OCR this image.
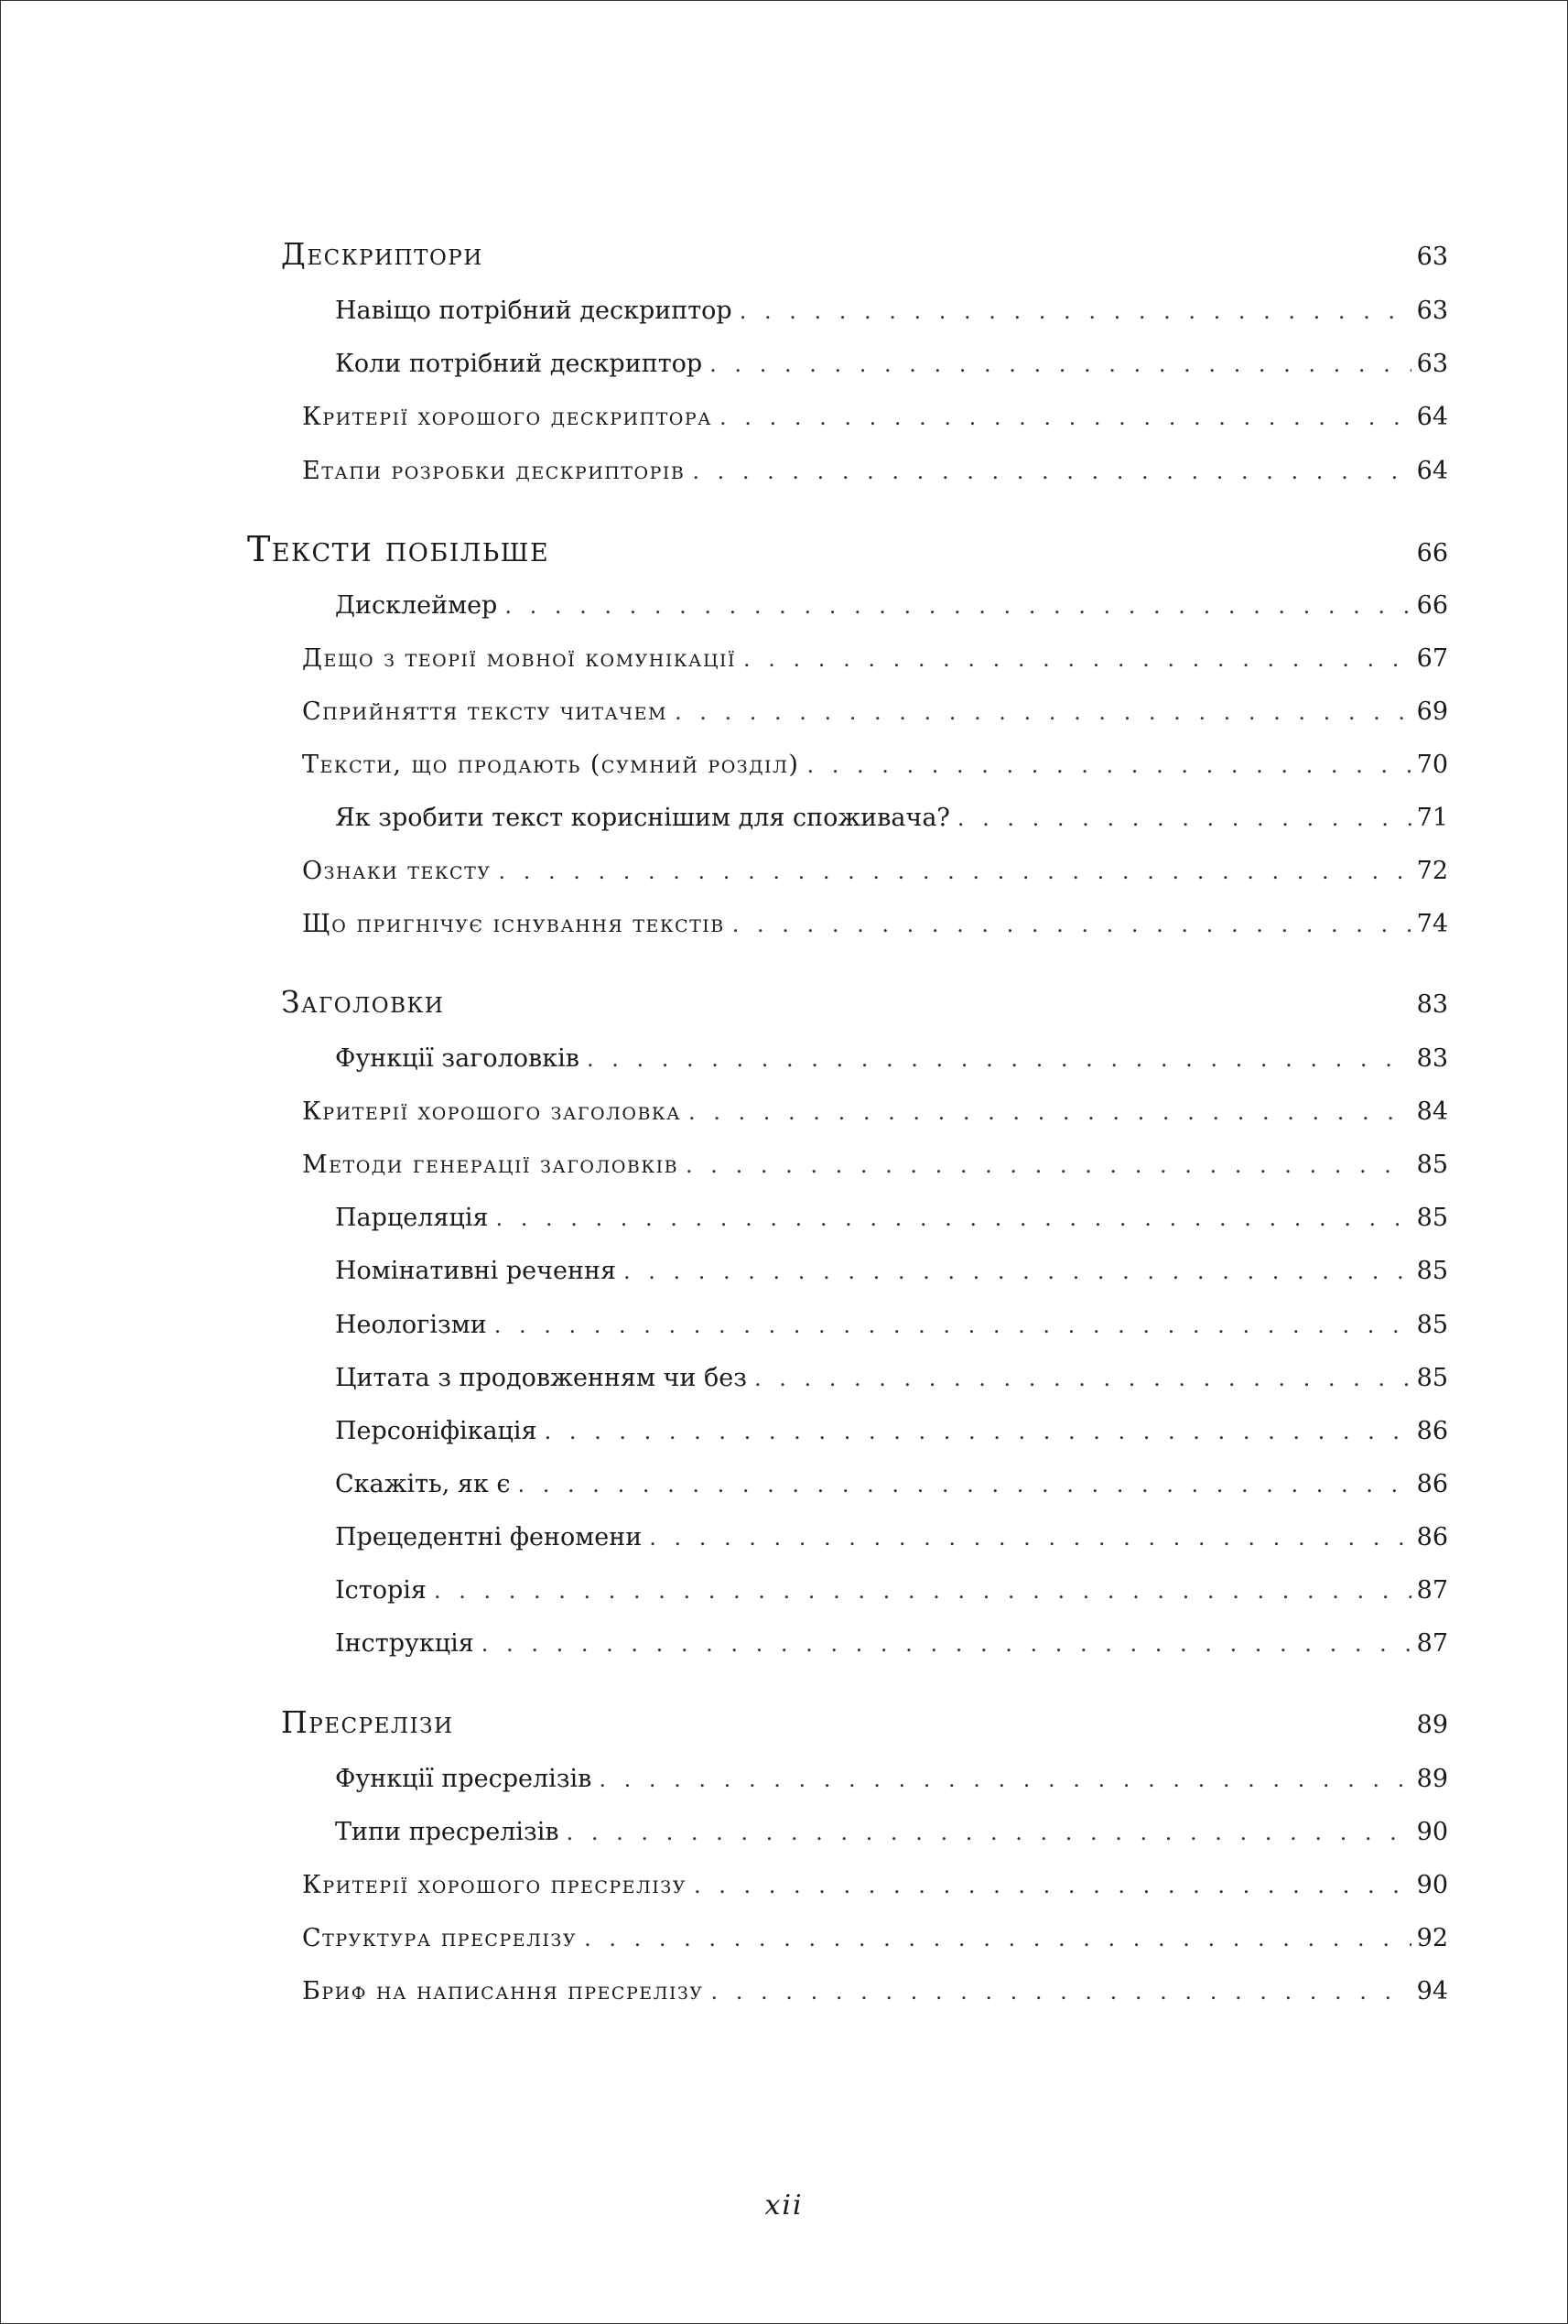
Дескриптори	63
Навіщо потрібний дескриптор . . .	63
Коли потрібний дескриптор . . .	63
Критерії хорошого дескриптора . . .	64
Етапи розробки дескрипторів . . .	64
Тексти побільше	66
Дисклеймер . . .	66
Дещо з теорії мовної комунікації . . .	67
Сприйняття тексту читачем . . .	69
Тексти, що продають (сумний розділ) . . .	70
Як зробити текст кориснішим для споживача? . . .	71
Ознаки тексту . . .	72
Що пригнічує існування текстів . . .	74
Заголовки	83
Функції заголовків . . .	83
Критерії хорошого заголовка . . .	84
Методи генерації заголовків . . .	85
Парцеляція . . .	85
Номінативні речення . . .	85
Неологізми . . .	85
Цитата з продовженням чи без . . .	85
Персоніфікація . . .	86
Скажіть, як є . . .	86
Прецедентні феномени . . .	86
Історія . . .	87
Інструкція . . .	87
Пресрелізи	89
Функції пресрелізів . . .	89
Типи пресрелізів . . .	90
Критерії хорошого пресрелізу . . .	90
Структура пресрелізу . . .	92
Бриф на написання пресрелізу . . .	94
xii
